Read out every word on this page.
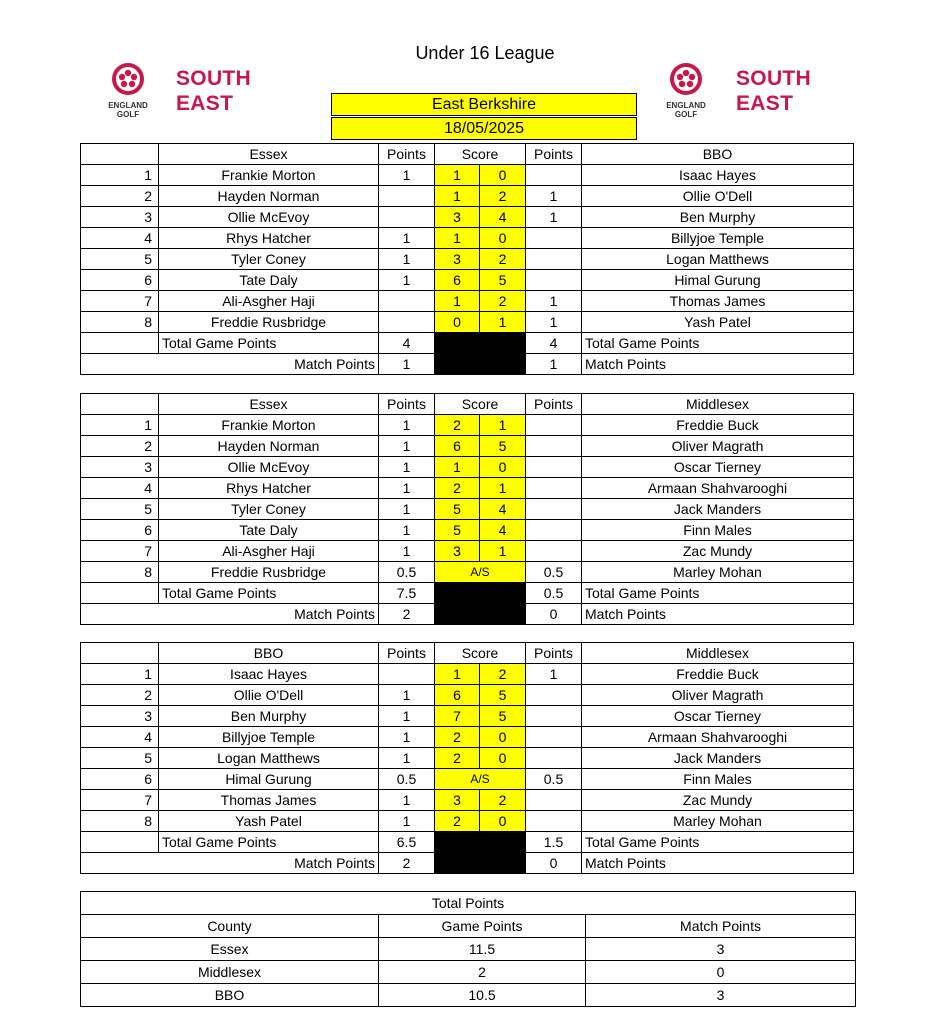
Under 16 League
ENGLAND
GOLF
SOUTH
EAST	ENGLAND
GOLF
SOUTH
EAST
East Berkshire
18/05/2025
	Essex	Points	Score		Points	BBO
1	Frankie Morton	1	1	0		Isaac Hayes
2	Hayden Norman		1	2	1	Ollie O'Dell
3	Ollie McEvoy		3	4	1	Ben Murphy
4	Rhys Hatcher	1	1	0		Billyjoe Temple
5	Tyler Coney	1	3	2		Logan Matthews
6	Tate Daly	1	6	5		Himal Gurung
7	Ali-Asgher Haji		1	2	1	Thomas James
8	Freddie Rusbridge		0	1	1	Yash Patel
	Total Game Points	4			4	Total Game Points
Match Points		1			1	Match Points
	Essex	Points	Score		Points	Middlesex
1	Frankie Morton	1	2	1		Freddie Buck
2	Hayden Norman	1	6	5		Oliver Magrath
3	Ollie McEvoy	1	1	0		Oscar Tierney
4	Rhys Hatcher	1	2	1		Armaan Shahvarooghi
5	Tyler Coney	1	5	4		Jack Manders
6	Tate Daly	1	5	4		Finn Males
7	Ali-Asgher Haji	1	3	1		Zac Mundy
8	Freddie Rusbridge	0.5	A/S		0.5	Marley Mohan
	Total Game Points	7.5			0.5	Total Game Points
Match Points		2			0	Match Points
	BBO	Points	Score		Points	Middlesex
1	Isaac Hayes		1	2	1	Freddie Buck
2	Ollie O'Dell	1	6	5		Oliver Magrath
3	Ben Murphy	1	7	5		Oscar Tierney
4	Billyjoe Temple	1	2	0		Armaan Shahvarooghi
5	Logan Matthews	1	2	0		Jack Manders
6	Himal Gurung	0.5	A/S		0.5	Finn Males
7	Thomas James	1	3	2		Zac Mundy
8	Yash Patel	1	2	0		Marley Mohan
	Total Game Points	6.5			1.5	Total Game Points
Match Points		2			0	Match Points
Total Points		
County	Game Points	Match Points
Essex	11.5	3
Middlesex	2	0
BBO	10.5	3
